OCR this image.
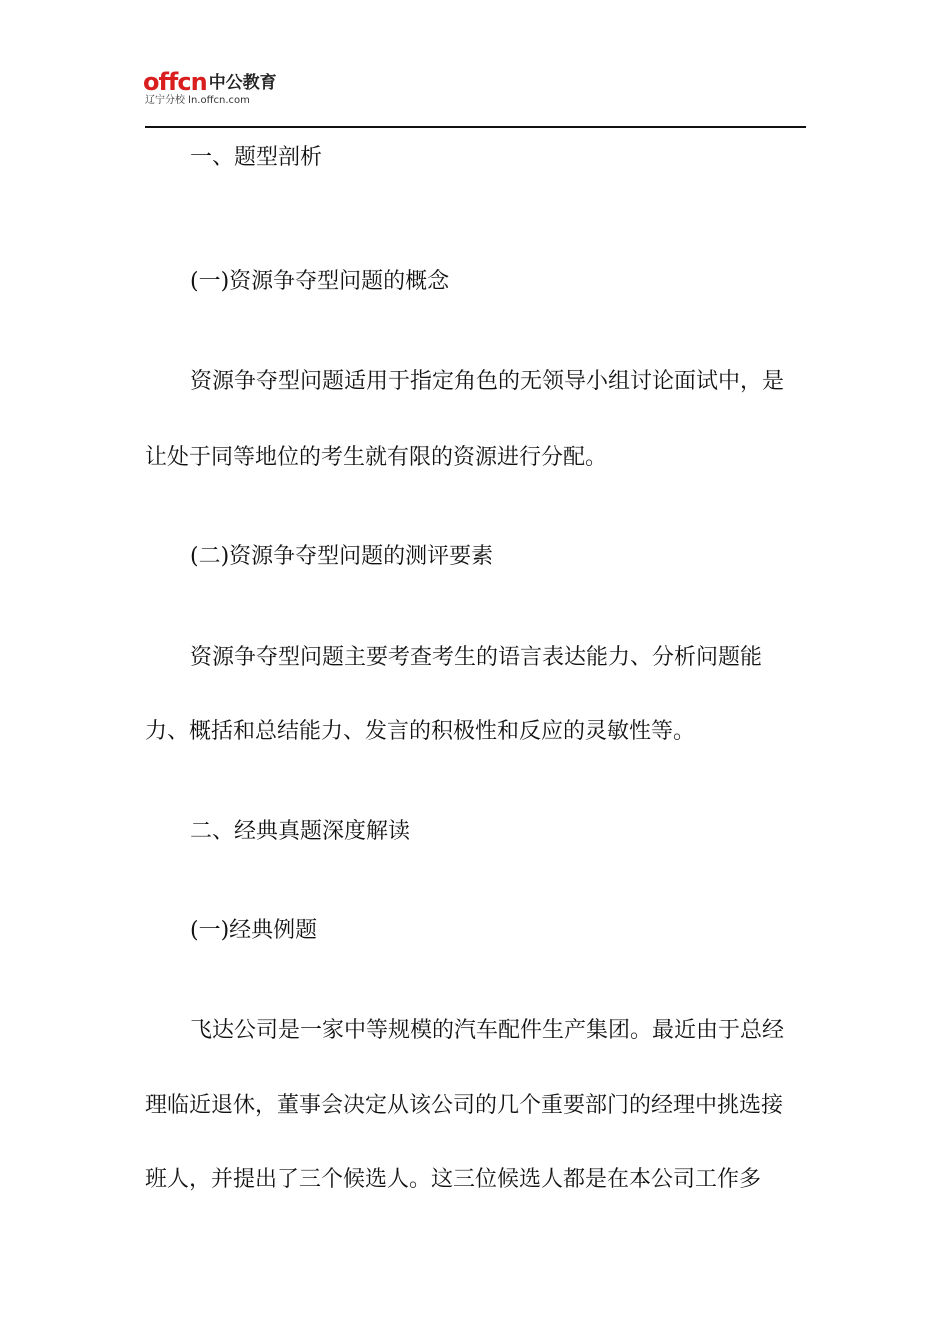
offcn 中公教育
辽宁分校 ln.offcn.com
一、题型剖析
(一)资源争夺型问题的概念
资源争夺型问题适用于指定角色的无领导小组讨论面试中，是
让处于同等地位的考生就有限的资源进行分配。
(二)资源争夺型问题的测评要素
资源争夺型问题主要考查考生的语言表达能力、分析问题能
力、概括和总结能力、发言的积极性和反应的灵敏性等。
二、经典真题深度解读
(一)经典例题
飞达公司是一家中等规模的汽车配件生产集团。最近由于总经
理临近退休，董事会决定从该公司的几个重要部门的经理中挑选接
班人，并提出了三个候选人。这三位候选人都是在本公司工作多
